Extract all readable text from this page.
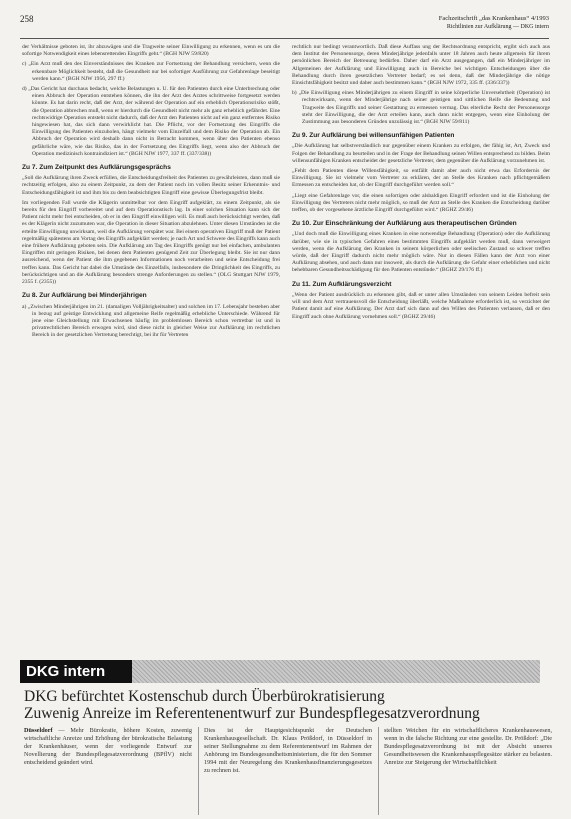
258	Fachzeitschrift „das Krankenhaus“ 4/1993
Richtlinien zur Aufklärung — DKG intern

der Verhältnisse geboten ist, ihr abzuwägen und die Tragweite seiner Einwilligung zu erkennen, wenn es um die sofortige Notwendigkeit eines lebensrettenden Eingriffs geht.“ (BGH NJW 59/820)

c) „Ein Arzt muß den des Einverständnisses des Kranken zur Fortsetzung der Behandlung versichern, wenn die erkennbare Möglichkeit besteht, daß die Gesundheit nur bei sofortiger Ausführung zur Gefahrenlage beseitigt werden kann.“ (BGH NJW 1956, 297 ff.)

d) „Das Gericht hat durchaus bedacht, welche Belastungen u. U. für den Patienten durch eine Unterbrechung oder einen Abbruch der Operation entstehen können, die ihn der Arzt des Arztes schrittweise fortgesetzt werden könnte. Es hat darin recht, daß der Arzt, der während der Operation auf ein erheblich Operationsrisiko stößt, die Operation abbrechen muß, wenn er hierdurch die Gesundheit nicht mehr als ganz erheblich gefährdet. Eine rechtswidrige Operation entsteht nicht dadurch, daß der Arzt den Patienten nicht auf ein ganz entferntes Risiko hingewiesen hat, das sich dann verwirklicht hat. Die Pflicht, vor der Fortsetzung des Eingriffs die Einwilligung des Patienten einzuholen, hängt vielmehr vom Einzelfall und dem Risiko der Operation ab. Ein Abbruch der Operation wird deshalb dann nicht in Betracht kommen, wenn über den Patienten ebenso gefährliche wäre, wie das Risiko, das in der Fortsetzung des Eingriffs liegt, wenn also der Abbruch der Operation medizinisch kontraindiziert ist.“ (BGH NJW 1977, 337 ff. (337/338))

Zu 7. Zum Zeitpunkt des Aufklärungsgesprächs

„Soll die Aufklärung ihren Zweck erfüllen, die Entscheidungsfreiheit des Patienten zu gewährleisten, dann muß sie rechtzeitig erfolgen, also zu einem Zeitpunkt, zu dem der Patient noch im vollen Besitz seiner Erkenntnis- und Entscheidungsfähigkeit ist und ihm bis zu dem beabsichtigten Eingriff eine gewisse Überlegungsfrist bleibt.

Im vorliegenden Fall wurde die Klägerin unmittelbar vor dem Eingriff aufgeklärt, zu einem Zeitpunkt, als sie bereits für den Eingriff vorbereitet und auf dem Operationstisch lag. In einer solchen Situation kann sich der Patient nicht mehr frei entscheiden, ob er in den Eingriff einwilligen will. Es muß auch berücksichtigt werden, daß es der Klägerin nicht zuzumuten war, die Operation in dieser Situation abzulehnen. Unter diesen Umständen ist die erteilte Einwilligung unwirksam, weil die Aufklärung verspätet war. Bei einem operativen Eingriff muß der Patient regelmäßig spätestens am Vortag des Eingriffs aufgeklärt werden; je nach Art und Schwere des Eingriffs kann auch eine frühere Aufklärung geboten sein. Die Aufklärung am Tag des Eingriffs genügt nur bei einfachen, ambulanten Eingriffen mit geringen Risiken, bei denen dem Patienten genügend Zeit zur Überlegung bleibt. Sie ist nur dann ausreichend, wenn der Patient die ihm gegebenen Informationen noch verarbeiten und seine Entscheidung frei treffen kann. Das Gericht hat dabei die Umstände des Einzelfalls, insbesondere die Dringlichkeit des Eingriffs, zu berücksichtigen und an die Aufklärung besonders strenge Anforderungen zu stellen.“ (OLG Stuttgart NJW 1979, 2355 f. (2355))

Zu 8. Zur Aufklärung bei Minderjährigen

a) „Zwischen Minderjährigen im 21. (damaligen Volljährigkeitsalter) und solchen im 17. Lebensjahr bestehen aber in bezug auf geistige Entwicklung und allgemeine Reife regelmäßig erhebliche Unterschiede. Während für jene eine Gleichstellung mit Erwachsenen häufig im problemlosen Bereich schon vertretbar ist und in privatrechtlichen Bereich erwogen wird, sind diese nicht in gleicher Weise zur Aufklärung im rechtlichen Bereich in der gesetzlichen Vertretung berechtigt, bei ihr für Vertreten

rechtlich nur bedingt verantwortlich. Daß diese Auffass ung der Rechtsordnung entspricht, ergibt sich auch aus dem Institut der Personensorge, deren Minderjährige jedenfalls unter 18 Jahren auch heute allgemein für ihrem persönlichen Bereich der Betreuung bedürfen. Daher darf ein Arzt ausgegangen, daß ein Minderjähriger im Allgemeinen der Aufklärung und Einwilligung auch in Bereiche bei wichtigen Entscheidungen über die Behandlung durch ihren gesetzlichen Vertreter bedarf; es sei denn, daß der Minderjährige die nötige Einsichtsfähigkeit besitzt und daher auch bestimmen kann.“ (BGH NJW 1972, 335 ff. (336/337))

b) „Die Einwilligung eines Minderjährigen zu einem Eingriff in seine körperliche Unversehrtheit (Operation) ist rechtswirksam, wenn der Minderjährige nach seiner geistigen und sittlichen Reife die Bedeutung und Tragweite des Eingriffs und seiner Gestattung zu ermessen vermag. Das elterliche Recht der Personensorge steht der Einwilligung, die der Arzt erteilen kann, auch dann nicht entgegen, wenn eine Einholung der Zustimmung aus besonderen Gründen unzulässig ist.“ (BGH NJW 59/811)

Zu 9. Zur Aufklärung bei willensunfähigen Patienten

„Die Aufklärung hat selbstverständlich nur gegenüber einem Kranken zu erfolgen, der fähig ist, Art, Zweck und Folgen der Behandlung zu beurteilen und in der Frage der Behandlung seinen Willen entsprechend zu bilden. Beim willensunfähigen Kranken entscheidet der gesetzliche Vertreter, dem gegenüber die Aufklärung vorzunehmen ist.

„Fehlt dem Patienten diese Willensfähigkeit, so entfällt damit aber auch nicht etwa das Erfordernis der Einwilligung. Sie ist vielmehr vom Vertreter zu erklären, der an Stelle des Kranken nach pflichtgemäßem Ermessen zu entscheiden hat, ob der Eingriff durchgeführt werden soll.“

„Liegt eine Gefahrenlage vor, die einen sofortigen oder alsbaldigen Eingriff erfordert und ist die Einholung der Einwilligung des Vertreters nicht mehr möglich, so muß der Arzt an Stelle des Kranken die Entscheidung darüber treffen, ob der vorgesehene ärztliche Eingriff durchgeführt wird.“ (RGHZ 29/46)

Zu 10. Zur Einschränkung der Aufklärung aus therapeutischen Gründen

„Und doch muß die Einwilligung eines Kranken in eine notwendige Behandlung (Operation) oder die Aufklärung darüber, wie sie in typischen Gefahren eines bestimmten Eingriffs aufgeklärt werden muß, dann verweigert werden, wenn die Aufklärung den Kranken in seinem körperlichen oder seelischen Zustand so schwer treffen würde, daß der Eingriff dadurch nicht mehr möglich wäre. Nur in diesen Fällen kann der Arzt von einer Aufklärung absehen, und auch dann nur insoweit, als durch die Aufklärung die Gefahr einer erheblichen und nicht behebbaren Gesundheitsschädigung für den Patienten entstünde.“ (BGHZ 29/176 ff.)

Zu 11. Zum Aufklärungsverzicht

„Wenn der Patient ausdrücklich zu erkennen gibt, daß er unter allen Umständen von seinem Leiden befreit sein will und dem Arzt vertrauensvoll die Entscheidung überläßt, welche Maßnahme erforderlich ist, so verzichtet der Patient damit auf eine Aufklärung. Der Arzt darf sich dann auf den Willen des Patienten verlassen, daß er den Eingriff auch ohne Aufklärung vornehmen soll.“ (BGHZ 29/46)

DKG intern
DKG befürchtet Kostenschub durch Überbürokratisierung
Zuwenig Anreize im Referentenentwurf zur Bundespflegesatzverordnung
Düsseldorf — Mehr Bürokratie, höhere Kosten, zuwenig wirtschaftliche Anreize und Erhöhung der bürokratische Belastung der Krankenhäuser, wenn der vorliegende Entwurf zur Novellierung der Bundespflegesatzverordnung (BPflV) nicht entscheidend geändert wird.
Dies ist der Hauptgesichtspunkt der Deutschen Krankenhausgesellschaft. Dr. Klaus Prößdorf, in Düsseldorf in seiner Stellungnahme zu dem Referentenentwurf im Rahmen der Anhörung im Bundesgesundheitsministerium, die für den Sommer 1994 mit der Neuregelung des Krankenhausfinanzierungsgesetzes zu rechnen ist.
stellten Weichen für ein wirtschaftlicheres Krankenhauswesen, wenn in die falsche Richtung zur eine gestellte. Dr. Prößdorf: „Die Bundespflegesatzverordnung ist mit der Absicht unseres Gesundheitswesen die Krankenhauspflegesätze stärker zu belasten. Anreize zur Steigerung der Wirtschaftlichkeit
